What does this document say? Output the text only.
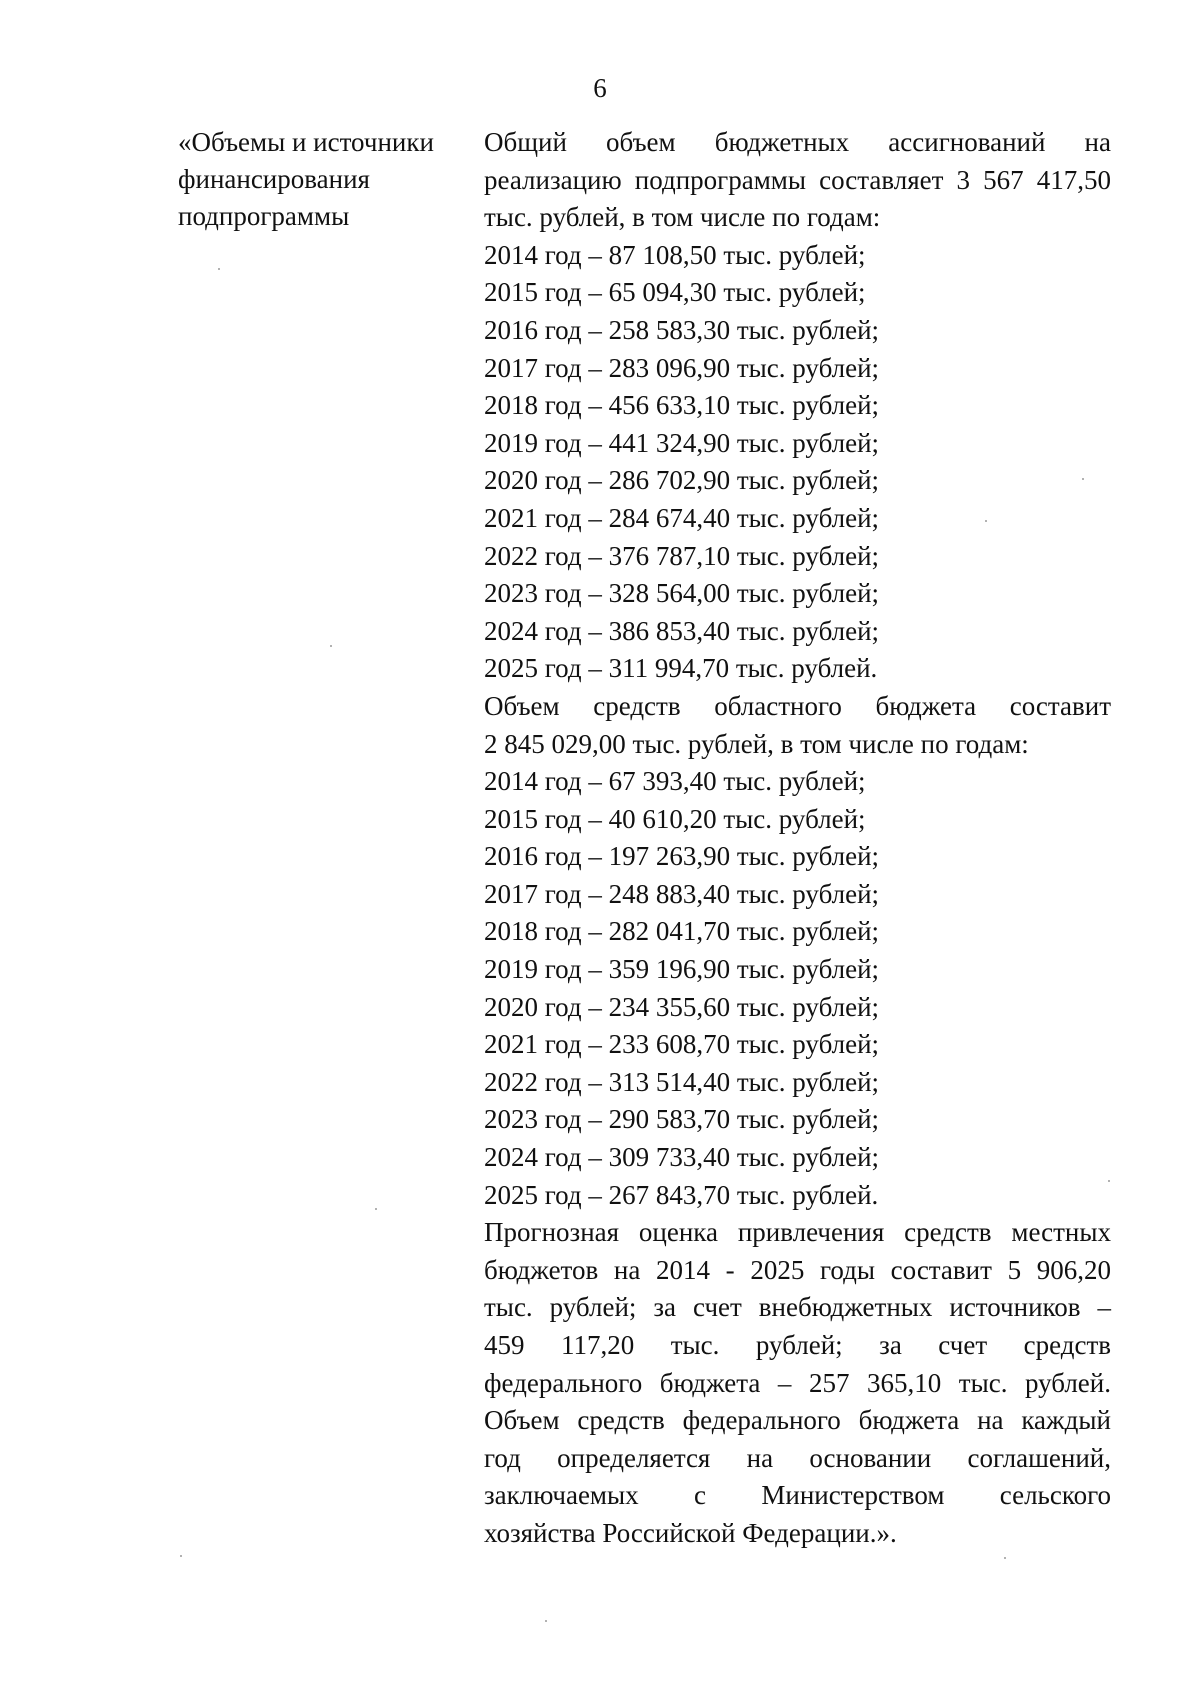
6
«Объемы и источники
финансирования
подпрограммы
Общий объем бюджетных ассигнований на
реализацию подпрограммы составляет 3 567 417,50
тыс. рублей, в том числе по годам:
2014 год – 87 108,50 тыс. рублей;
2015 год – 65 094,30 тыс. рублей;
2016 год – 258 583,30 тыс. рублей;
2017 год – 283 096,90 тыс. рублей;
2018 год – 456 633,10 тыс. рублей;
2019 год – 441 324,90 тыс. рублей;
2020 год – 286 702,90 тыс. рублей;
2021 год – 284 674,40 тыс. рублей;
2022 год – 376 787,10 тыс. рублей;
2023 год – 328 564,00 тыс. рублей;
2024 год – 386 853,40 тыс. рублей;
2025 год – 311 994,70 тыс. рублей.
Объем средств областного бюджета составит
2 845 029,00 тыс. рублей, в том числе по годам:
2014 год – 67 393,40 тыс. рублей;
2015 год – 40 610,20 тыс. рублей;
2016 год – 197 263,90 тыс. рублей;
2017 год – 248 883,40 тыс. рублей;
2018 год – 282 041,70 тыс. рублей;
2019 год – 359 196,90 тыс. рублей;
2020 год – 234 355,60 тыс. рублей;
2021 год – 233 608,70 тыс. рублей;
2022 год – 313 514,40 тыс. рублей;
2023 год – 290 583,70 тыс. рублей;
2024 год – 309 733,40 тыс. рублей;
2025 год – 267 843,70 тыс. рублей.
Прогнозная оценка привлечения средств местных
бюджетов на 2014 - 2025 годы составит 5 906,20
тыс. рублей; за счет внебюджетных источников –
459 117,20 тыс. рублей; за счет средств
федерального бюджета – 257 365,10 тыс. рублей.
Объем средств федерального бюджета на каждый
год определяется на основании соглашений,
заключаемых с Министерством сельского
хозяйства Российской Федерации.».
